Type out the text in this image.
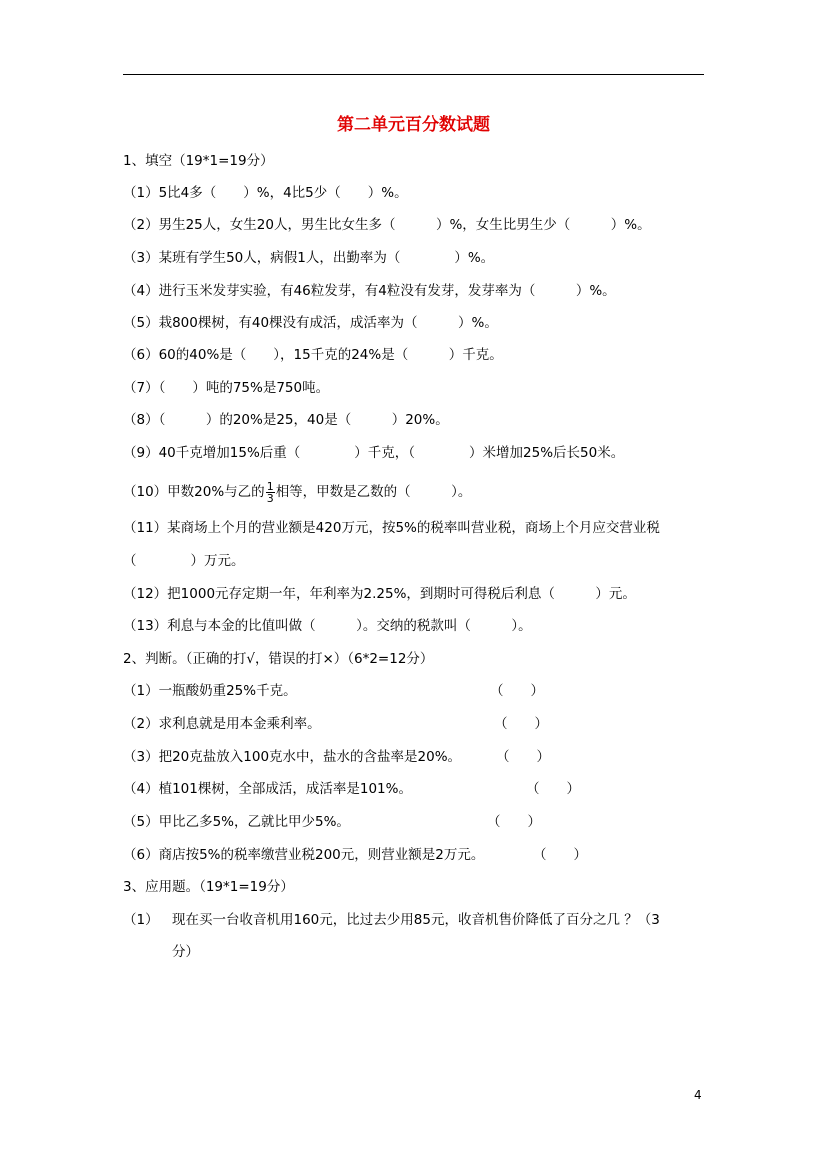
第二单元百分数试题
1、填空（19*1=19分）
（1）5比4多（　　）%，4比5少（　　）%。
（2）男生25人，女生20人，男生比女生多（　　　）%，女生比男生少（　　　）%。
（3）某班有学生50人，病假1人，出勤率为（　　　　）%。
（4）进行玉米发芽实验，有46粒发芽，有4粒没有发芽，发芽率为（　　　）%。
（5）栽800棵树，有40棵没有成活，成活率为（　　　）%。
（6）60的40%是（　　），15千克的24%是（　　　）千克。
（7）（　　）吨的75%是750吨。
（8）（　　　）的20%是25，40是（　　　）20%。
（9）40千克增加15%后重（　　　　）千克，（　　　　）米增加25%后长50米。
（10）甲数20%与乙的 $\frac{1}{3}$ 相等，甲数是乙数的（　　　）。
（11）某商场上个月的营业额是420万元，按5%的税率叫营业税，商场上个月应交营业税
（　　　　）万元。
（12）把1000元存定期一年，年利率为2.25%，到期时可得税后利息（　　　）元。
（13）利息与本金的比值叫做（　　　）。交纳的税款叫（　　　）。
2、判断。（正确的打√，错误的打×）（6*2=12分）
（1）一瓶酸奶重25%千克。	（　　）
（2）求利息就是用本金乘利率。	（　　）
（3）把20克盐放入100克水中，盐水的含盐率是20%。	（　　）
（4）植101棵树，全部成活，成活率是101%。	（　　）
（5）甲比乙多5%，乙就比甲少5%。	（　　）
（6）商店按5%的税率缴营业税200元，则营业额是2万元。	（　　）
3、应用题。（19*1=19分）
（1） 现在买一台收音机用160元，比过去少用85元，收音机售价降低了百分之几 ？（3
分）
4
